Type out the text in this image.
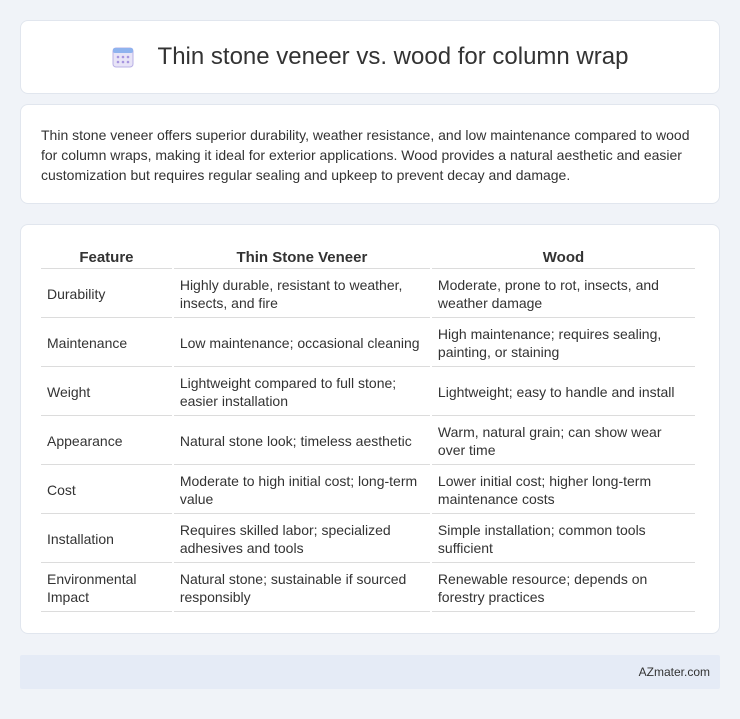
Thin stone veneer vs. wood for column wrap

Thin stone veneer offers superior durability, weather resistance, and low maintenance compared to wood for column wraps, making it ideal for exterior applications. Wood provides a natural aesthetic and easier customization but requires regular sealing and upkeep to prevent decay and damage.

Feature	Thin Stone Veneer	Wood
Durability	Highly durable, resistant to weather, insects, and fire	Moderate, prone to rot, insects, and weather damage
Maintenance	Low maintenance; occasional cleaning	High maintenance; requires sealing, painting, or staining
Weight	Lightweight compared to full stone; easier installation	Lightweight; easy to handle and install
Appearance	Natural stone look; timeless aesthetic	Warm, natural grain; can show wear over time
Cost	Moderate to high initial cost; long-term value	Lower initial cost; higher long-term maintenance costs
Installation	Requires skilled labor; specialized adhesives and tools	Simple installation; common tools sufficient
Environmental Impact	Natural stone; sustainable if sourced responsibly	Renewable resource; depends on forestry practices
AZmater.com
